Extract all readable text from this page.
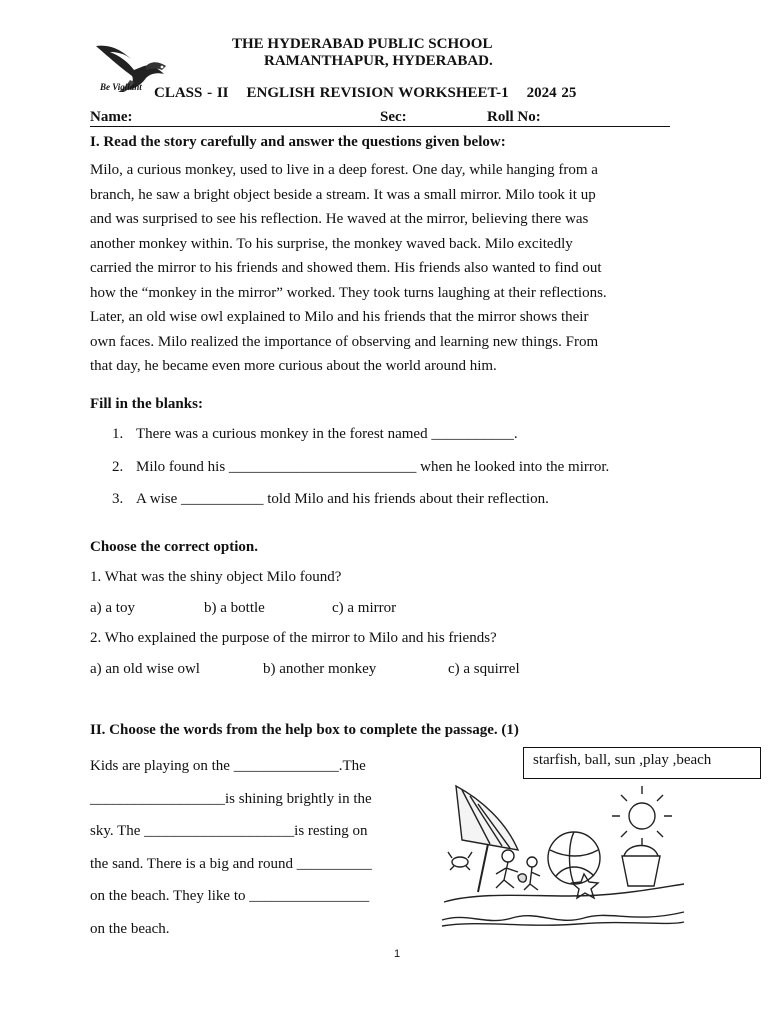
Be Vigilant
THE HYDERABAD PUBLIC SCHOOL
RAMANTHAPUR, HYDERABAD.
CLASS - II ENGLISH REVISION WORKSHEET-1 2024 25
Name:	Sec:	Roll No:
I. Read the story carefully and answer the questions given below:

Milo, a curious monkey, used to live in a deep forest. One day, while hanging from a

branch, he saw a bright object beside a stream. It was a small mirror. Milo took it up

and was surprised to see his reflection. He waved at the mirror, believing there was

another monkey within. To his surprise, the monkey waved back. Milo excitedly

carried the mirror to his friends and showed them. His friends also wanted to find out

how the “monkey in the mirror” worked. They took turns laughing at their reflections.

Later, an old wise owl explained to Milo and his friends that the mirror shows their

own faces. Milo realized the importance of observing and learning new things. From

that day, he became even more curious about the world around him.

Fill in the blanks:
1. There was a curious monkey in the forest named ___________.
2. Milo found his _________________________ when he looked into the mirror.
3. A wise ___________ told Milo and his friends about their reflection.
Choose the correct option.
1. What was the shiny object Milo found?
a) a toy	b) a bottle	c) a mirror
2. Who explained the purpose of the mirror to Milo and his friends?
a) an old wise owl	b) another monkey	c) a squirrel
II. Choose the words from the help box to complete the passage. (1)
starfish, ball, sun ,play ,beach
Kids are playing on the ______________.The
__________________is shining brightly in the
sky. The ____________________is resting on
the sand. There is a big and round __________
on the beach. They like to ________________
on the beach.
1
